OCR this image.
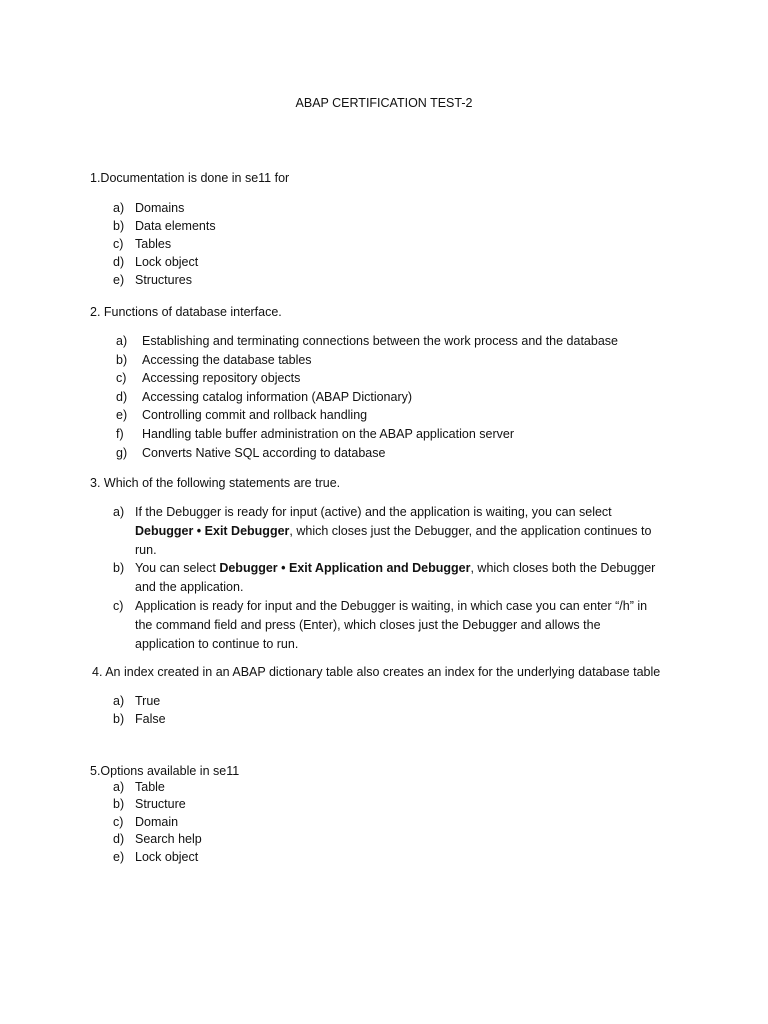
ABAP CERTIFICATION TEST-2
1.Documentation is done in se11 for
a) Domains
b) Data elements
c) Tables
d) Lock object
e) Structures
2. Functions of database interface.
a) Establishing and terminating connections between the work process and the database
b) Accessing the database tables
c) Accessing repository objects
d) Accessing catalog information (ABAP Dictionary)
e) Controlling commit and rollback handling
f) Handling table buffer administration on the ABAP application server
g) Converts Native SQL according to database
3. Which of the following statements are true.
a) If the Debugger is ready for input (active) and the application is waiting, you can select Debugger • Exit Debugger, which closes just the Debugger, and the application continues to run.
b) You can select Debugger • Exit Application and Debugger, which closes both the Debugger and the application.
c) Application is ready for input and the Debugger is waiting, in which case you can enter “/h” in the command field and press (Enter), which closes just the Debugger and allows the application to continue to run.
4. An index created in an ABAP dictionary table also creates an index for the underlying database table
a) True
b) False
5.Options available in se11
a) Table
b) Structure
c) Domain
d) Search help
e) Lock object
